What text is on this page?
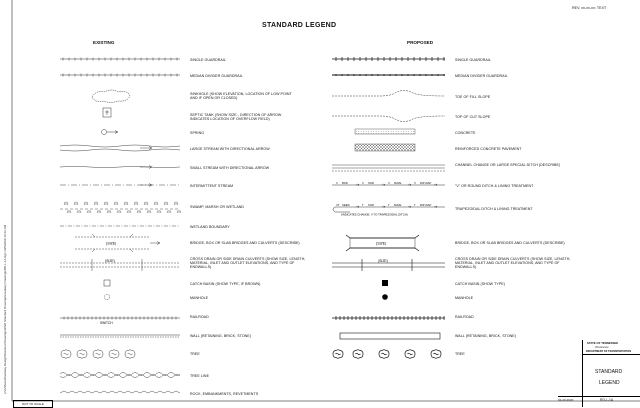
p:\r\20\xxx\Roadway Design\Standard Drawings\2020 Standard Drawings\roadway Drawings\RD-L-1A.dgn 1/25/2020 10:12 AM
REV. xx-xx-xx: TEXT
STANDARD LEGEND
EXISTING	PROPOSED
SINGLE GUARDRAIL
MEDIAN DIVIDER GUARDRAIL
SINKHOLE (SHOW ELEVATION, LOCATION OF LOW POINT AND IF OPEN OR CLOSED)
SEPTIC TANK (SHOW SIZE - DIRECTION OF ARROW INDICATES LOCATION OF OVERFLOW FIELD)
SPRING
LARGE STREAM WITH DIRECTIONAL ARROW
SMALL STREAM WITH DIRECTIONAL ARROW
INTERMITTENT STREAM
SWAMP, MARSH OR WETLAND
WETLAND BOUNDARY
BRIDGE, BOX OR SLAB BRIDGES AND CULVERTS (DESCRIBE)
CROSS DRAIN OR SIDE DRAIN CULVERTS (SHOW SIZE, LENGTH, MATERIAL, INLET AND OUTLET ELEVATIONS, AND TYPE OF ENDWALLS)
CATCH BASIN (SHOW TYPE, IF BROWN)
MANHOLE
RAILROAD
WALL (RETAINING, BRICK, STONE)
TREE
TREE LINE
ROCK, EMBANKMENTS, REVETMENTS
SINGLE GUARDRAIL
MEDIAN DIVIDER GUARDRAIL
TOE OF FILL SLOPE
TOP OF CUT SLOPE
CONCRETE
REINFORCED CONCRETE PAVEMENT
CHANNEL CHANGE OR LARGE SPECIAL DITCH (DESCRIBE)
"V" OR ROUND DITCH & LINING TREATMENT
TRAPEZOIDAL DITCH & LINING TREATMENT
BRIDGE, BOX OR SLAB BRIDGES AND CULVERTS (DESCRIBE)
CROSS DRAIN OR SIDE DRAIN CULVERTS (SHOW SIZE, LENGTH, MATERIAL, INLET AND OUTLET ELEVATIONS, AND TYPE OF ENDWALLS)
CATCH BASIN (SHOW TYPE)
MANHOLE
RAILROAD
WALL (RETAINING, BRICK, STONE)
TREE
(SIZE)
(SIZE)
SWITCH
V BSD	V SOD	V RAVE	V RIP-RAP
VT SEED	T SOD	T RAVE	T RIP-RAP
(INDICATES CHANGE: V TO TRAPEZOIDAL DITCH)
(SIZE)
(SIZE)
STATE OF TENNESSEE
Tennessee
DEPARTMENT OF TRANSPORTATION
STANDARD
LEGEND
02-20-2020	RD-L-1A
NOT TO SCALE
